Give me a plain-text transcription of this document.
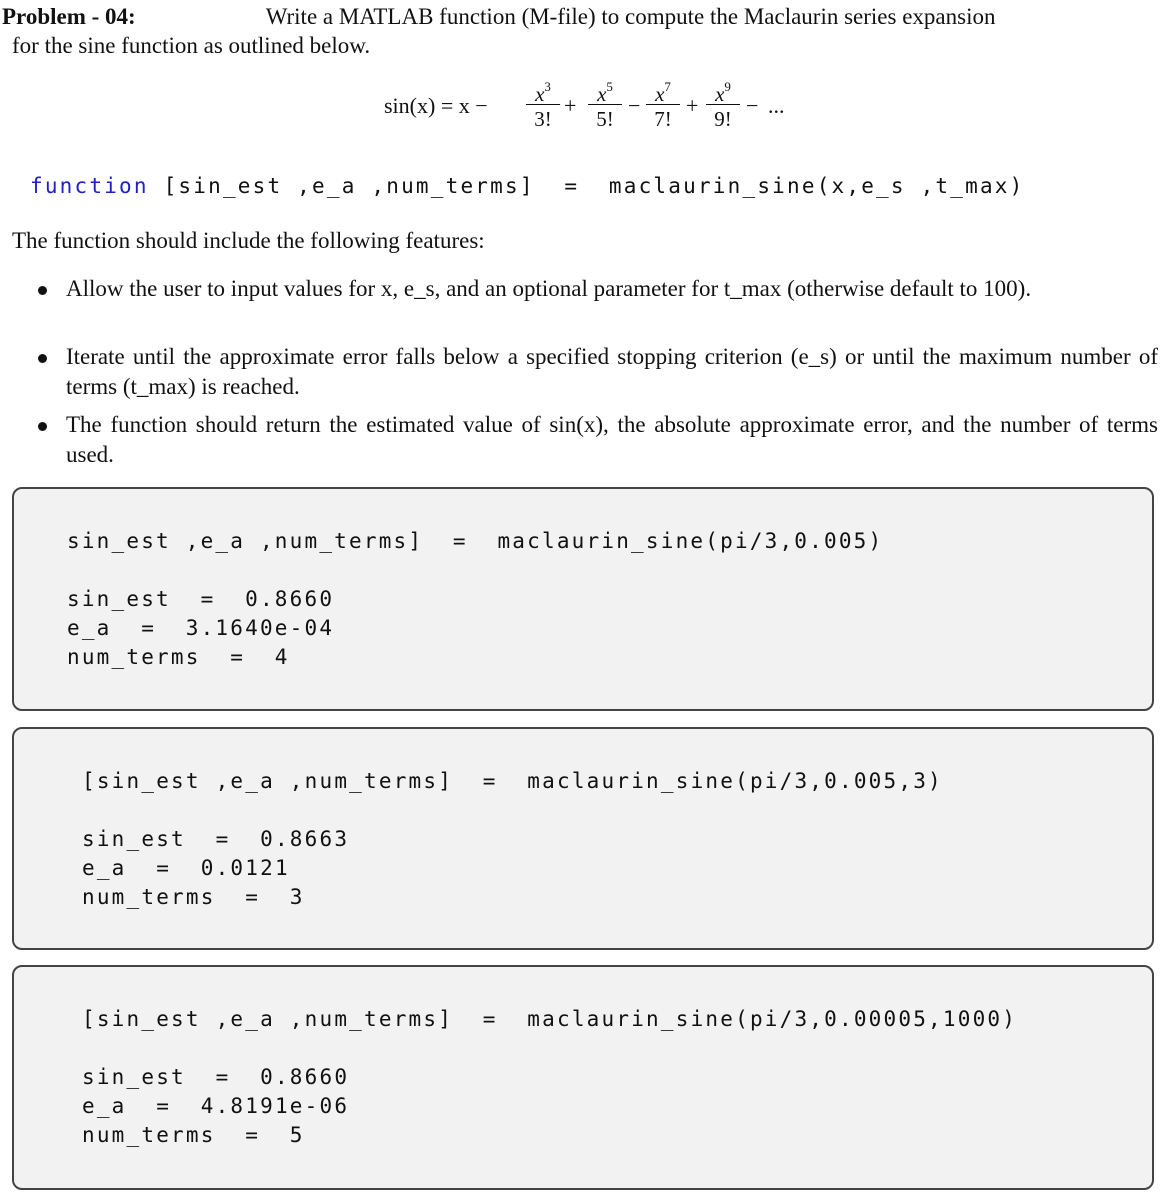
Problem - 04:	Write a MATLAB function (M-file) to compute the Maclaurin series expansion
for the sine function as outlined below.
sin(x) = x −	$x^3$
3!
+ $x^5$
5!
− $x^7$
7!
+ $x^9$
9!
− ...
function [sin_est ,e_a ,num_terms]  =  maclaurin_sine(x,e_s ,t_max)
The function should include the following features:
Allow the user to input values for x, e_s, and an optional parameter for t_max (otherwise default to 100).
Iterate until the approximate error falls below a specified stopping criterion (e_s) or until the maximum number of terms (t_max) is reached.
The function should return the estimated value of sin(x), the absolute approximate error, and the number of terms used.
sin_est ,e_a ,num_terms]  =  maclaurin_sine(pi/3,0.005)
sin_est  =  0.8660
e_a  =  3.1640e-04
num_terms  =  4
[sin_est ,e_a ,num_terms]  =  maclaurin_sine(pi/3,0.005,3)
sin_est  =  0.8663
e_a  =  0.0121
num_terms  =  3
[sin_est ,e_a ,num_terms]  =  maclaurin_sine(pi/3,0.00005,1000)
sin_est  =  0.8660
e_a  =  4.8191e-06
num_terms  =  5
